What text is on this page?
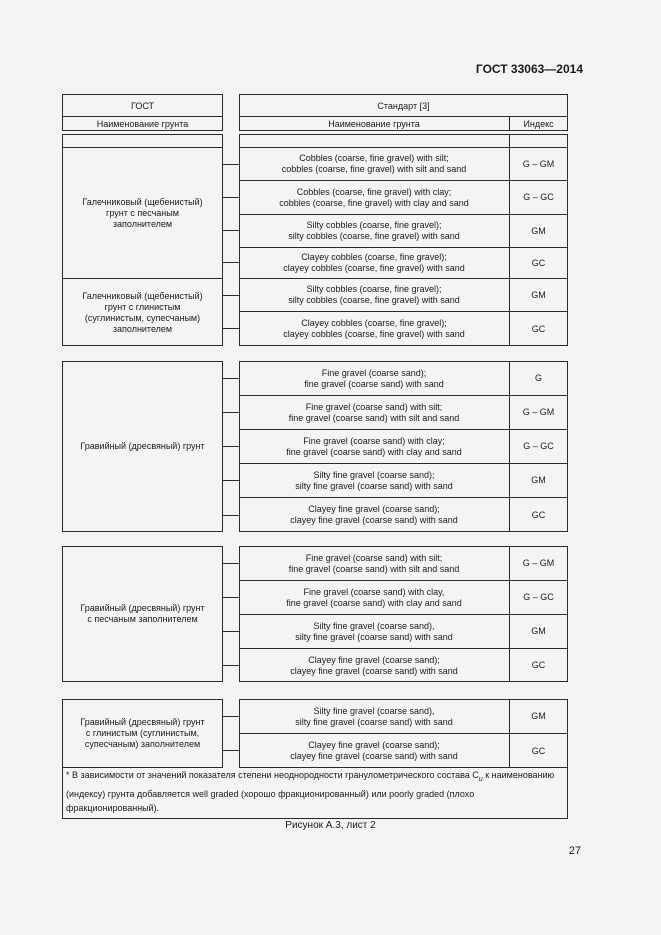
ГОСТ 33063—2014
ГОСТ
Наименование грунта
Стандарт [3]
Наименование грунта	Индекс
Галечниковый (щебенистый)
грунт с песчаным
заполнителем
Галечниковый (щебенистый)
грунт с глинистым
(суглинистым, супесчаным)
заполнителем
Cobbles (coarse, fine gravel) with silt;
cobbles (coarse, fine gravel) with silt and sand
G – GM
Cobbles (coarse, fine gravel) with clay;
cobbles (coarse, fine gravel) with clay and sand
G – GC
Silty cobbles (coarse, fine gravel);
silty cobbles (coarse, fine gravel) with sand
GM
Clayey cobbles (coarse, fine gravel);
clayey cobbles (coarse, fine gravel) with sand
GC
Silty cobbles (coarse, fine gravel);
silty cobbles (coarse, fine gravel) with sand
GM
Clayey cobbles (coarse, fine gravel);
clayey cobbles (coarse, fine gravel) with sand
GC
Гравийный (дресвяный) грунт
Fine gravel (coarse sand);
fine gravel (coarse sand) with sand
G
Fine gravel (coarse sand) with silt;
fine gravel (coarse sand) with silt and sand
G – GM
Fine gravel (coarse sand) with clay;
fine gravel (coarse sand) with clay and sand
G – GC
Silty fine gravel (coarse sand);
silty fine gravel (coarse sand) with sand
GM
Clayey fine gravel (coarse sand);
clayey fine gravel (coarse sand) with sand
GC
Гравийный (дресвяный) грунт
с песчаным заполнителем
Fine gravel (coarse sand) with silt;
fine gravel (coarse sand) with silt and sand
G – GM
Fine gravel (coarse sand) with clay,
fine gravel (coarse sand) with clay and sand
G – GC
Silty fine gravel (coarse sand),
silty fine gravel (coarse sand) with sand
GM
Clayey fine gravel (coarse sand);
clayey fine gravel (coarse sand) with sand
GC
Гравийный (дресвяный) грунт
с глинистым (суглинистым,
супесчаным) заполнителем
Silty fine gravel (coarse sand),
silty fine gravel (coarse sand) with sand
GM
Clayey fine gravel (coarse sand);
clayey fine gravel (coarse sand) with sand
GC
* В зависимости от значений показателя степени неоднородности гранулометрического состава $C_u$ к наименованию (индексу) грунта добавляется well graded (хорошо фракционированный) или poorly graded (плохо фракционированный).
Рисунок А.3, лист 2
27
